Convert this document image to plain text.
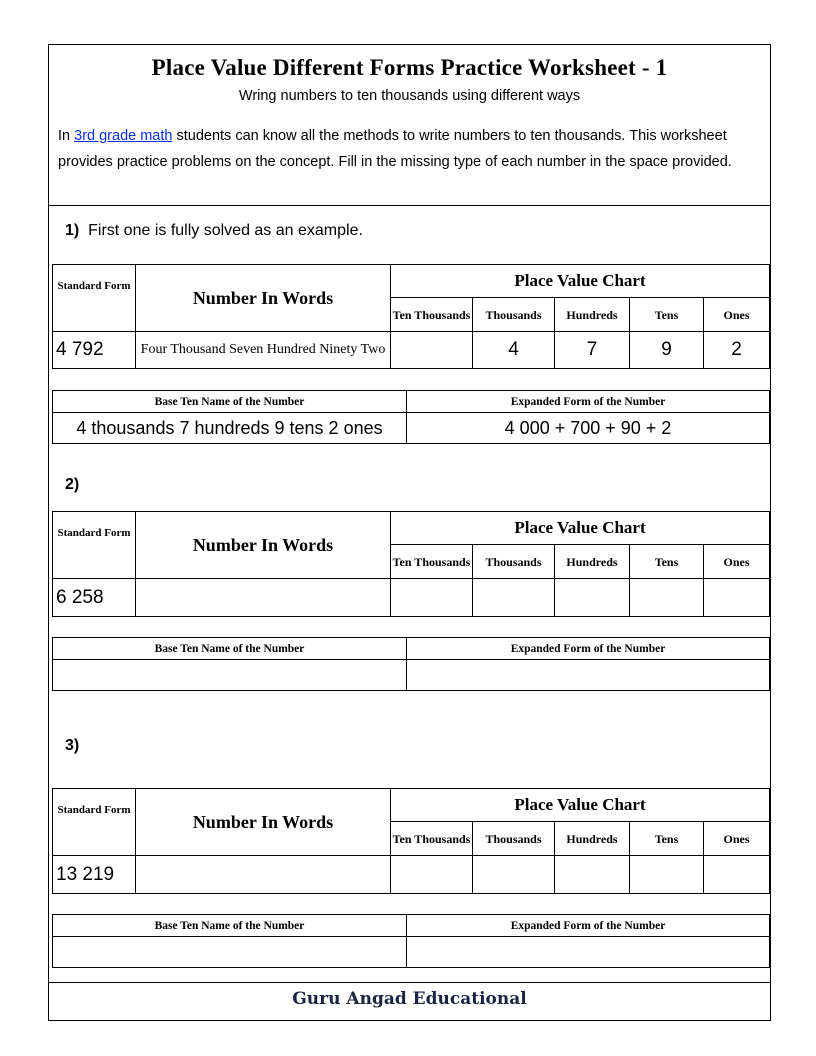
Place Value Different Forms Practice Worksheet - 1
Wring numbers to ten thousands using different ways
In 3rd grade math students can know all the methods to write numbers to ten thousands. This worksheet provides practice problems on the concept. Fill in the missing type of each number in the space provided.
1) First one is fully solved as an example.
Standard Form	Number In Words	Place Value Chart				
		Ten Thousands	Thousands	Hundreds	Tens	Ones
4 792	Four Thousand Seven Hundred Ninety Two		4	7	9	2
Base Ten Name of the Number	Expanded Form of the Number
4 thousands 7 hundreds 9 tens 2 ones	4 000 + 700 + 90 + 2
2)
Standard Form	Number In Words	Place Value Chart				
		Ten Thousands	Thousands	Hundreds	Tens	Ones
6 258						
Base Ten Name of the Number	Expanded Form of the Number

3)
Standard Form	Number In Words	Place Value Chart				
		Ten Thousands	Thousands	Hundreds	Tens	Ones
13 219						
Base Ten Name of the Number	Expanded Form of the Number

Guru Angad Educational
